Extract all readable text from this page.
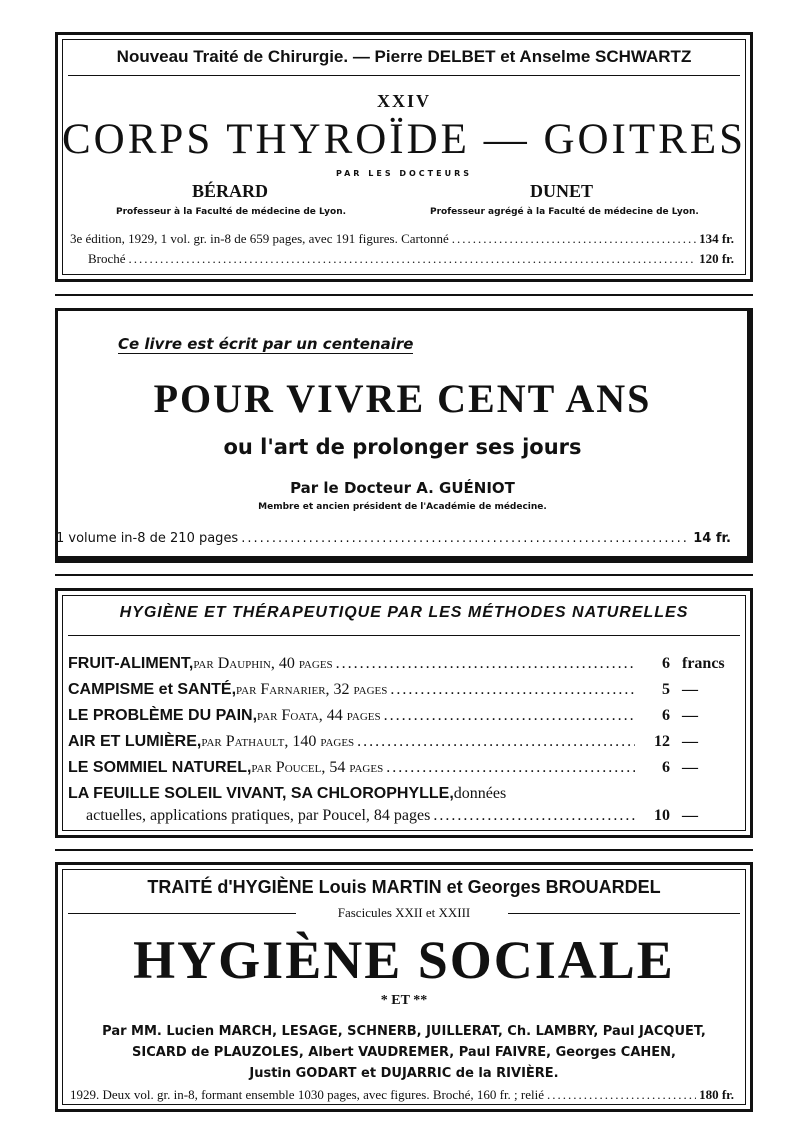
Nouveau Traité de Chirurgie. — Pierre DELBET et Anselme SCHWARTZ
XXIV
CORPS THYROÏDE — GOITRES
PAR LES DOCTEURS
BÉRARD	DUNET
Professeur à la Faculté de médecine de Lyon.	Professeur agrégé à la Faculté de médecine de Lyon.
3e édition, 1929, 1 vol. gr. in-8 de 659 pages, avec 191 figures. Cartonné .....	134 fr.
Broché .....	120 fr.
Ce livre est écrit par un centenaire
POUR VIVRE CENT ANS
ou l'art de prolonger ses jours
Par le Docteur A. GUÉNIOT
Membre et ancien président de l'Académie de médecine.
1 volume in-8 de 210 pages .....	14 fr.
HYGIÈNE ET THÉRAPEUTIQUE PAR LES MÉTHODES NATURELLES
FRUIT-ALIMENT, par Dauphin, 40 pages .....	6 francs
CAMPISME et SANTÉ, par Farnarier, 32 pages .....	5 —
LE PROBLÈME DU PAIN, par Foata, 44 pages .....	6 —
AIR ET LUMIÈRE, par Pathault, 140 pages .....	12 —
LE SOMMIEL NATUREL, par Poucel, 54 pages .....	6 —
LA FEUILLE SOLEIL VIVANT, SA CHLOROPHYLLE, données
actuelles, applications pratiques, par Poucel, 84 pages .....	10 —
TRAITÉ d'HYGIÈNE Louis MARTIN et Georges BROUARDEL
Fascicules XXII et XXIII
HYGIÈNE SOCIALE
* ET **
Par MM. Lucien MARCH, LESAGE, SCHNERB, JUILLERAT, Ch. LAMBRY, Paul JACQUET,
SICARD de PLAUZOLES, Albert VAUDREMER, Paul FAIVRE, Georges CAHEN,
Justin GODART et DUJARRIC de la RIVIÈRE.
1929. Deux vol. gr. in-8, formant ensemble 1030 pages, avec figures. Broché, 160 fr. ; relié .....	180 fr.
